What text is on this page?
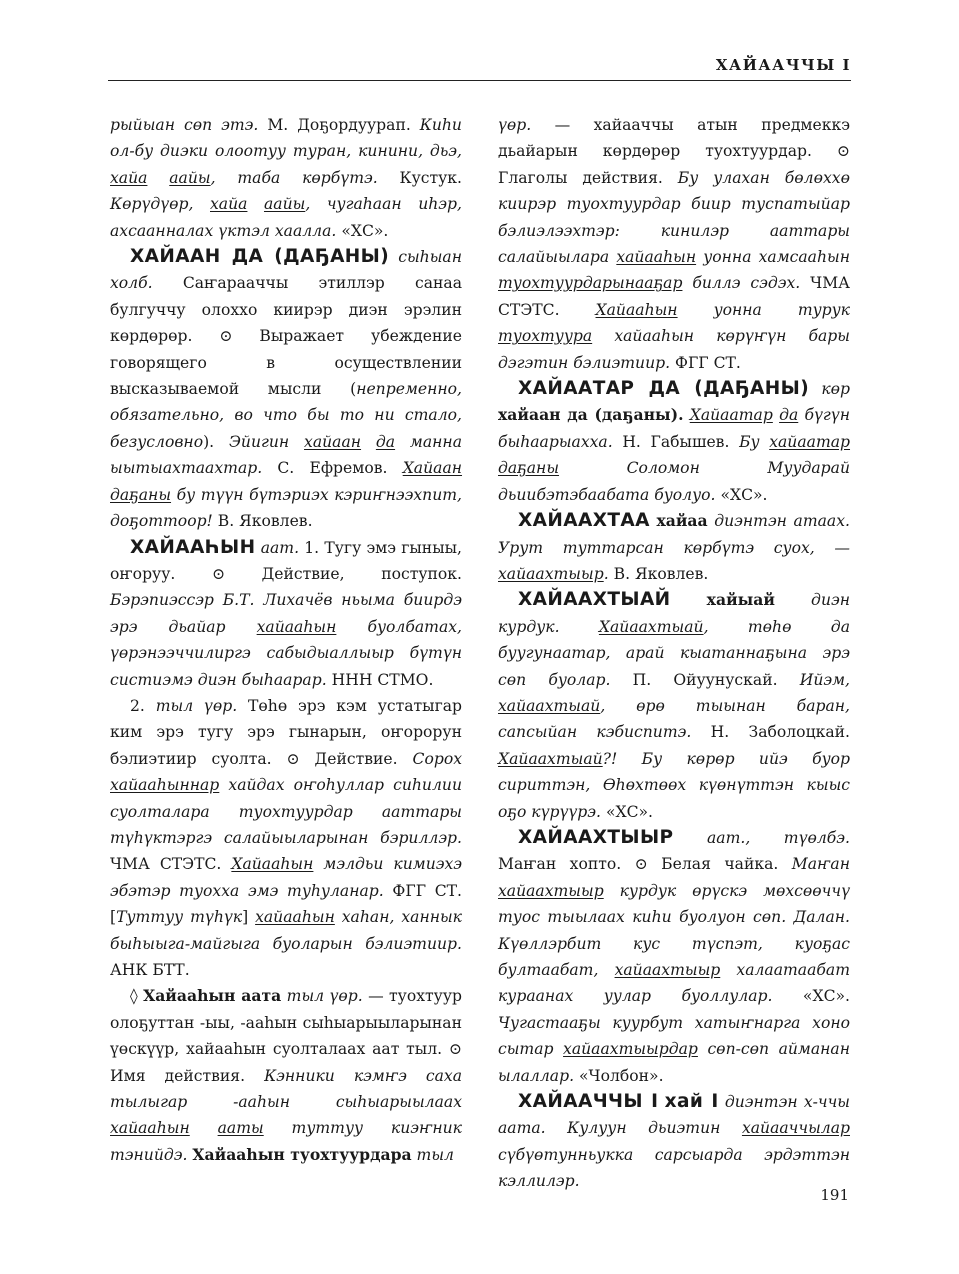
ХАЙААЧЧЫ I

рыйыан сөп этэ. М. Доҕордуурап. Киһи ол-бу диэки олоотуу туран, кинини, дьэ, хайа аайы, таба көрбүтэ. Кустук. Көрүдүөр, хайа аайы, чугаһаан иһэр, ахсаанналах үктэл хаалла. «ХС».

ХАЙААН ДА (ДАҔАНЫ) сыһыан холб. Саҥарааччы этиллэр санаа булгуччу олоххо киирэр диэн эрэлин көрдөрөр. ⊙ Выражает убеждение говорящего в осуществлении высказываемой мысли (непременно, обязательно, во что бы то ни стало, безусловно). Эйигин хайаан да манна ыытыахтаахтар. С. Ефремов. Хайаан даҕаны бу түүн бүтэриэх кэриҥнээхпит, доҕоттоор! В. Яковлев.

ХАЙААҺЫН аат. 1. Тугу эмэ гыныы, оҥоруу. ⊙ Действие, поступок. Бэрэпиэссэр Б.Т. Лихачёв ньыма биирдэ эрэ дьайар хайааһын буолбатах, үөрэнээччилиргэ сабыдыаллыыр бүтүн систиэмэ диэн быһаарар. ННН СТМО.

2. тыл үөр. Төһө эрэ кэм устатыгар ким эрэ тугу эрэ гынарын, оҥорорун бэлиэтиир суолта. ⊙ Действие. Сорох хайааһыннар хайдах оҥоһуллар сиһилии суолталара туохтуурдар ааттары түһүктэргэ салайыыларынан бэриллэр. ЧМА СТЭТС. Хайааһын мэлдьи кимиэхэ эбэтэр туохха эмэ туһуланар. ФГГ СТ. [Туттуу түһүк] хайааһын хаһан, ханнык быһыыга-майгыга буоларын бэлиэтиир. АНК БТТ.

◊ Хайааһын аата тыл үөр. — туохтуур олоҕуттан -ыы, -ааһын сыһыарыыларынан үөскүүр, хайааһын суолталаах аат тыл. ⊙ Имя действия. Кэнники кэмҥэ саха тылыгар -ааһын сыһыарыылаах хайааһын ааты туттуу киэҥник тэнийдэ. Хайааһын туохтуурдара тыл

үөр. — хайааччы атын предмеккэ дьайарын көрдөрөр туохтуурдар. ⊙ Глаголы действия. Бу улахан бөлөххө киирэр туохтуурдар биир туспатыйар бэлиэлээхтэр: кинилэр ааттары салайыылара хайааһын уонна хамсааһын туохтуурдарынааҕар биллэ сэдэх. ЧМА СТЭТС. Хайааһын уонна турук туохтуура хайааһын көрүҥүн бары дэгэтин бэлиэтиир. ФГГ СТ.

ХАЙААТАР ДА (ДАҔАНЫ) көр хайаан да (даҕаны). Хайаатар да бүгүн быһаарыахха. Н. Габышев. Бу хайаатар даҕаны Соломон Муударай дьиибэтэбаабата буолуо. «ХС».

ХАЙААХТАА хайаа диэнтэн атаах. Урут туттарсан көрбүтэ суох, — хайаахтыыр. В. Яковлев.

ХАЙААХТЫАЙ хайыай диэн курдук. Хайаахтыай, төһө да буугунаатар, арай кыатаннаҕына эрэ сөп буолар. П. Ойуунускай. Ийэм, хайаахтыай, өрө тыынан баран, сапсыйан кэбиспитэ. Н. Заболоцкай. Хайаахтыай?! Бу көрөр ийэ буор сириттэн, Өһөхтөөх күөнүттэн кыыс оҕо күрүүрэ. «ХС».

ХАЙААХТЫЫР аат., түөлбэ. Маҥан хопто. ⊙ Белая чайка. Маҥан хайаахтыыр курдук өрүскэ мөхсөөччү туос тыылаах киһи буолуон сөп. Далан. Күөллэрбит кус түспэт, куоҕас бултаабат, хайаахтыыр халаатаабат кураанах уулар буоллулар. «ХС». Чугастааҕы куурбут хатыҥнарга хоно сытар хайаахтыырдар сөп-сөп айманан ылаллар. «Чолбон».

ХАЙААЧЧЫ I хай I диэнтэн х-ччы аата. Кулуун дьиэтин хайааччылар сүбүөтунньукка сарсыарда эрдэттэн кэллилэр.

191
